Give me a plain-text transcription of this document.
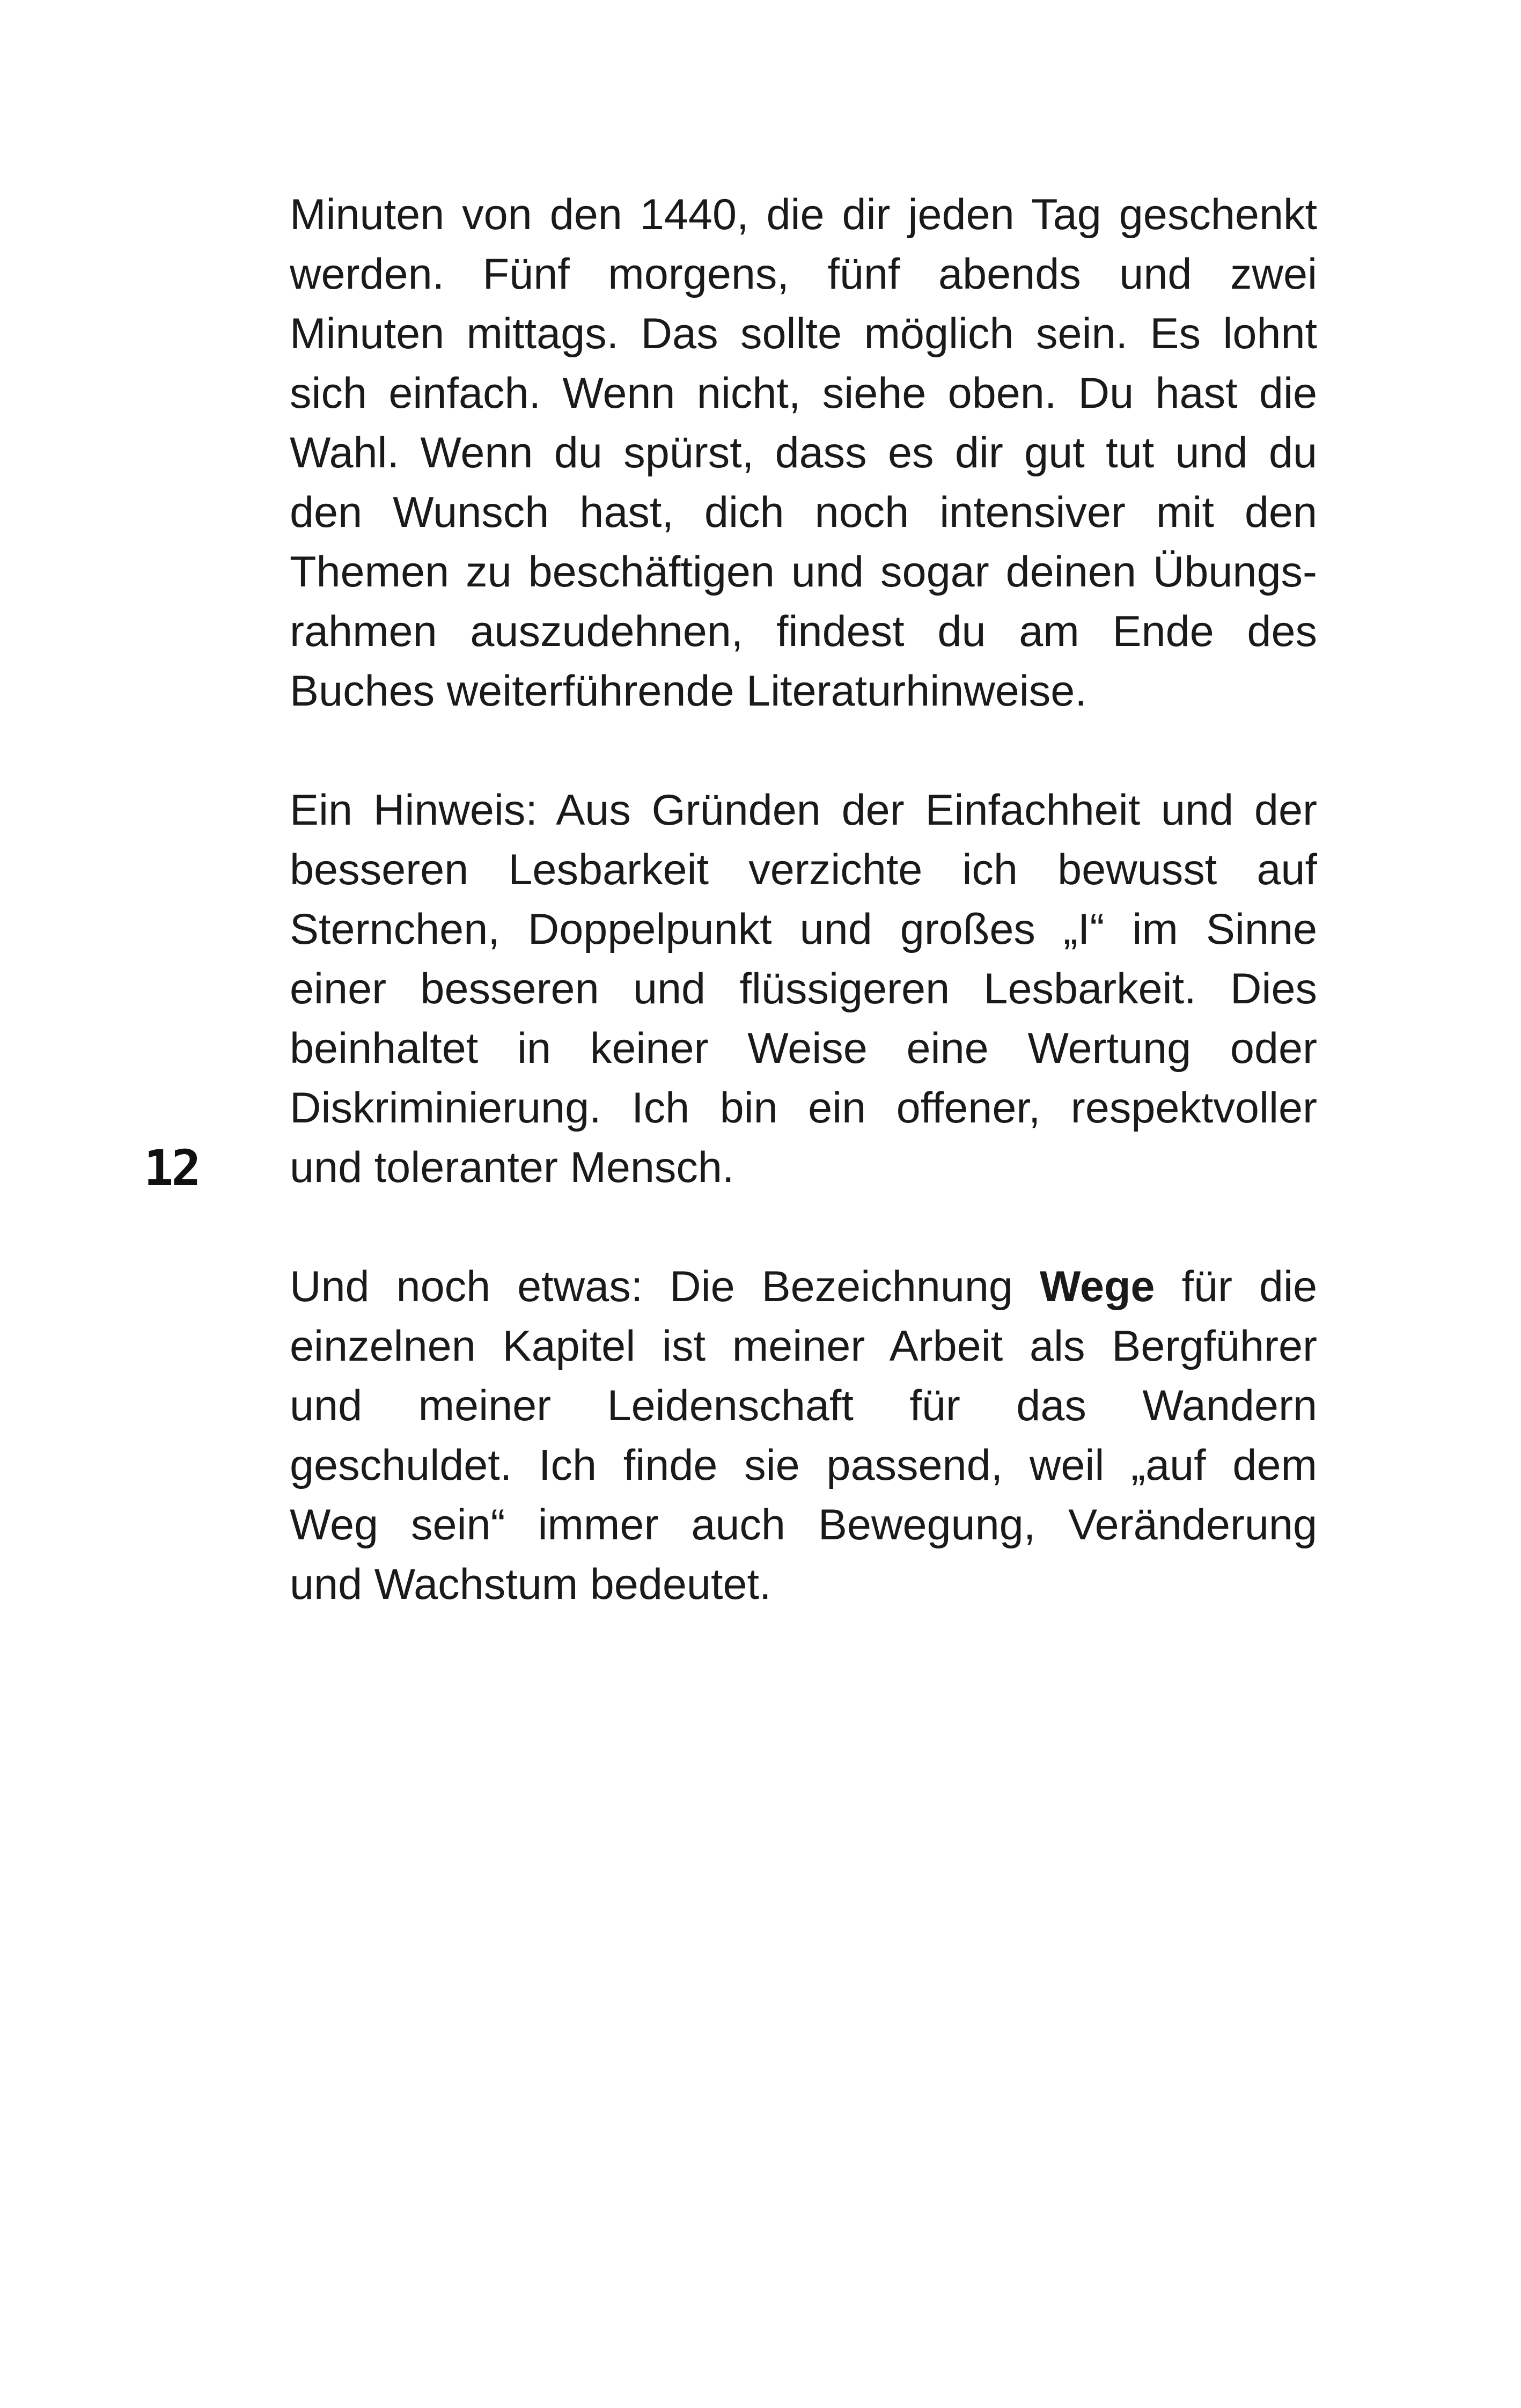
12

Minuten von den 1440, die dir jeden Tag geschenkt
werden. Fünf morgens, fünf abends und zwei
Minuten mittags. Das sollte möglich sein. Es lohnt
sich einfach. Wenn nicht, siehe oben. Du hast die
Wahl. Wenn du spürst, dass es dir gut tut und du
den Wunsch hast, dich noch intensiver mit den
Themen zu beschäftigen und sogar deinen Übungs-
rahmen auszudehnen, findest du am Ende des
Buches weiterführende Literaturhinweise.

Ein Hinweis: Aus Gründen der Einfachheit und der
besseren Lesbarkeit verzichte ich bewusst auf
Sternchen, Doppelpunkt und großes „I“ im Sinne
einer besseren und flüssigeren Lesbarkeit. Dies
beinhaltet in keiner Weise eine Wertung oder
Diskriminierung. Ich bin ein offener, respektvoller
und toleranter Mensch.

Und noch etwas: Die Bezeichnung Wege für die
einzelnen Kapitel ist meiner Arbeit als Bergführer
und meiner Leidenschaft für das Wandern
geschuldet. Ich finde sie passend, weil „auf dem
Weg sein“ immer auch Bewegung, Veränderung
und Wachstum bedeutet.
